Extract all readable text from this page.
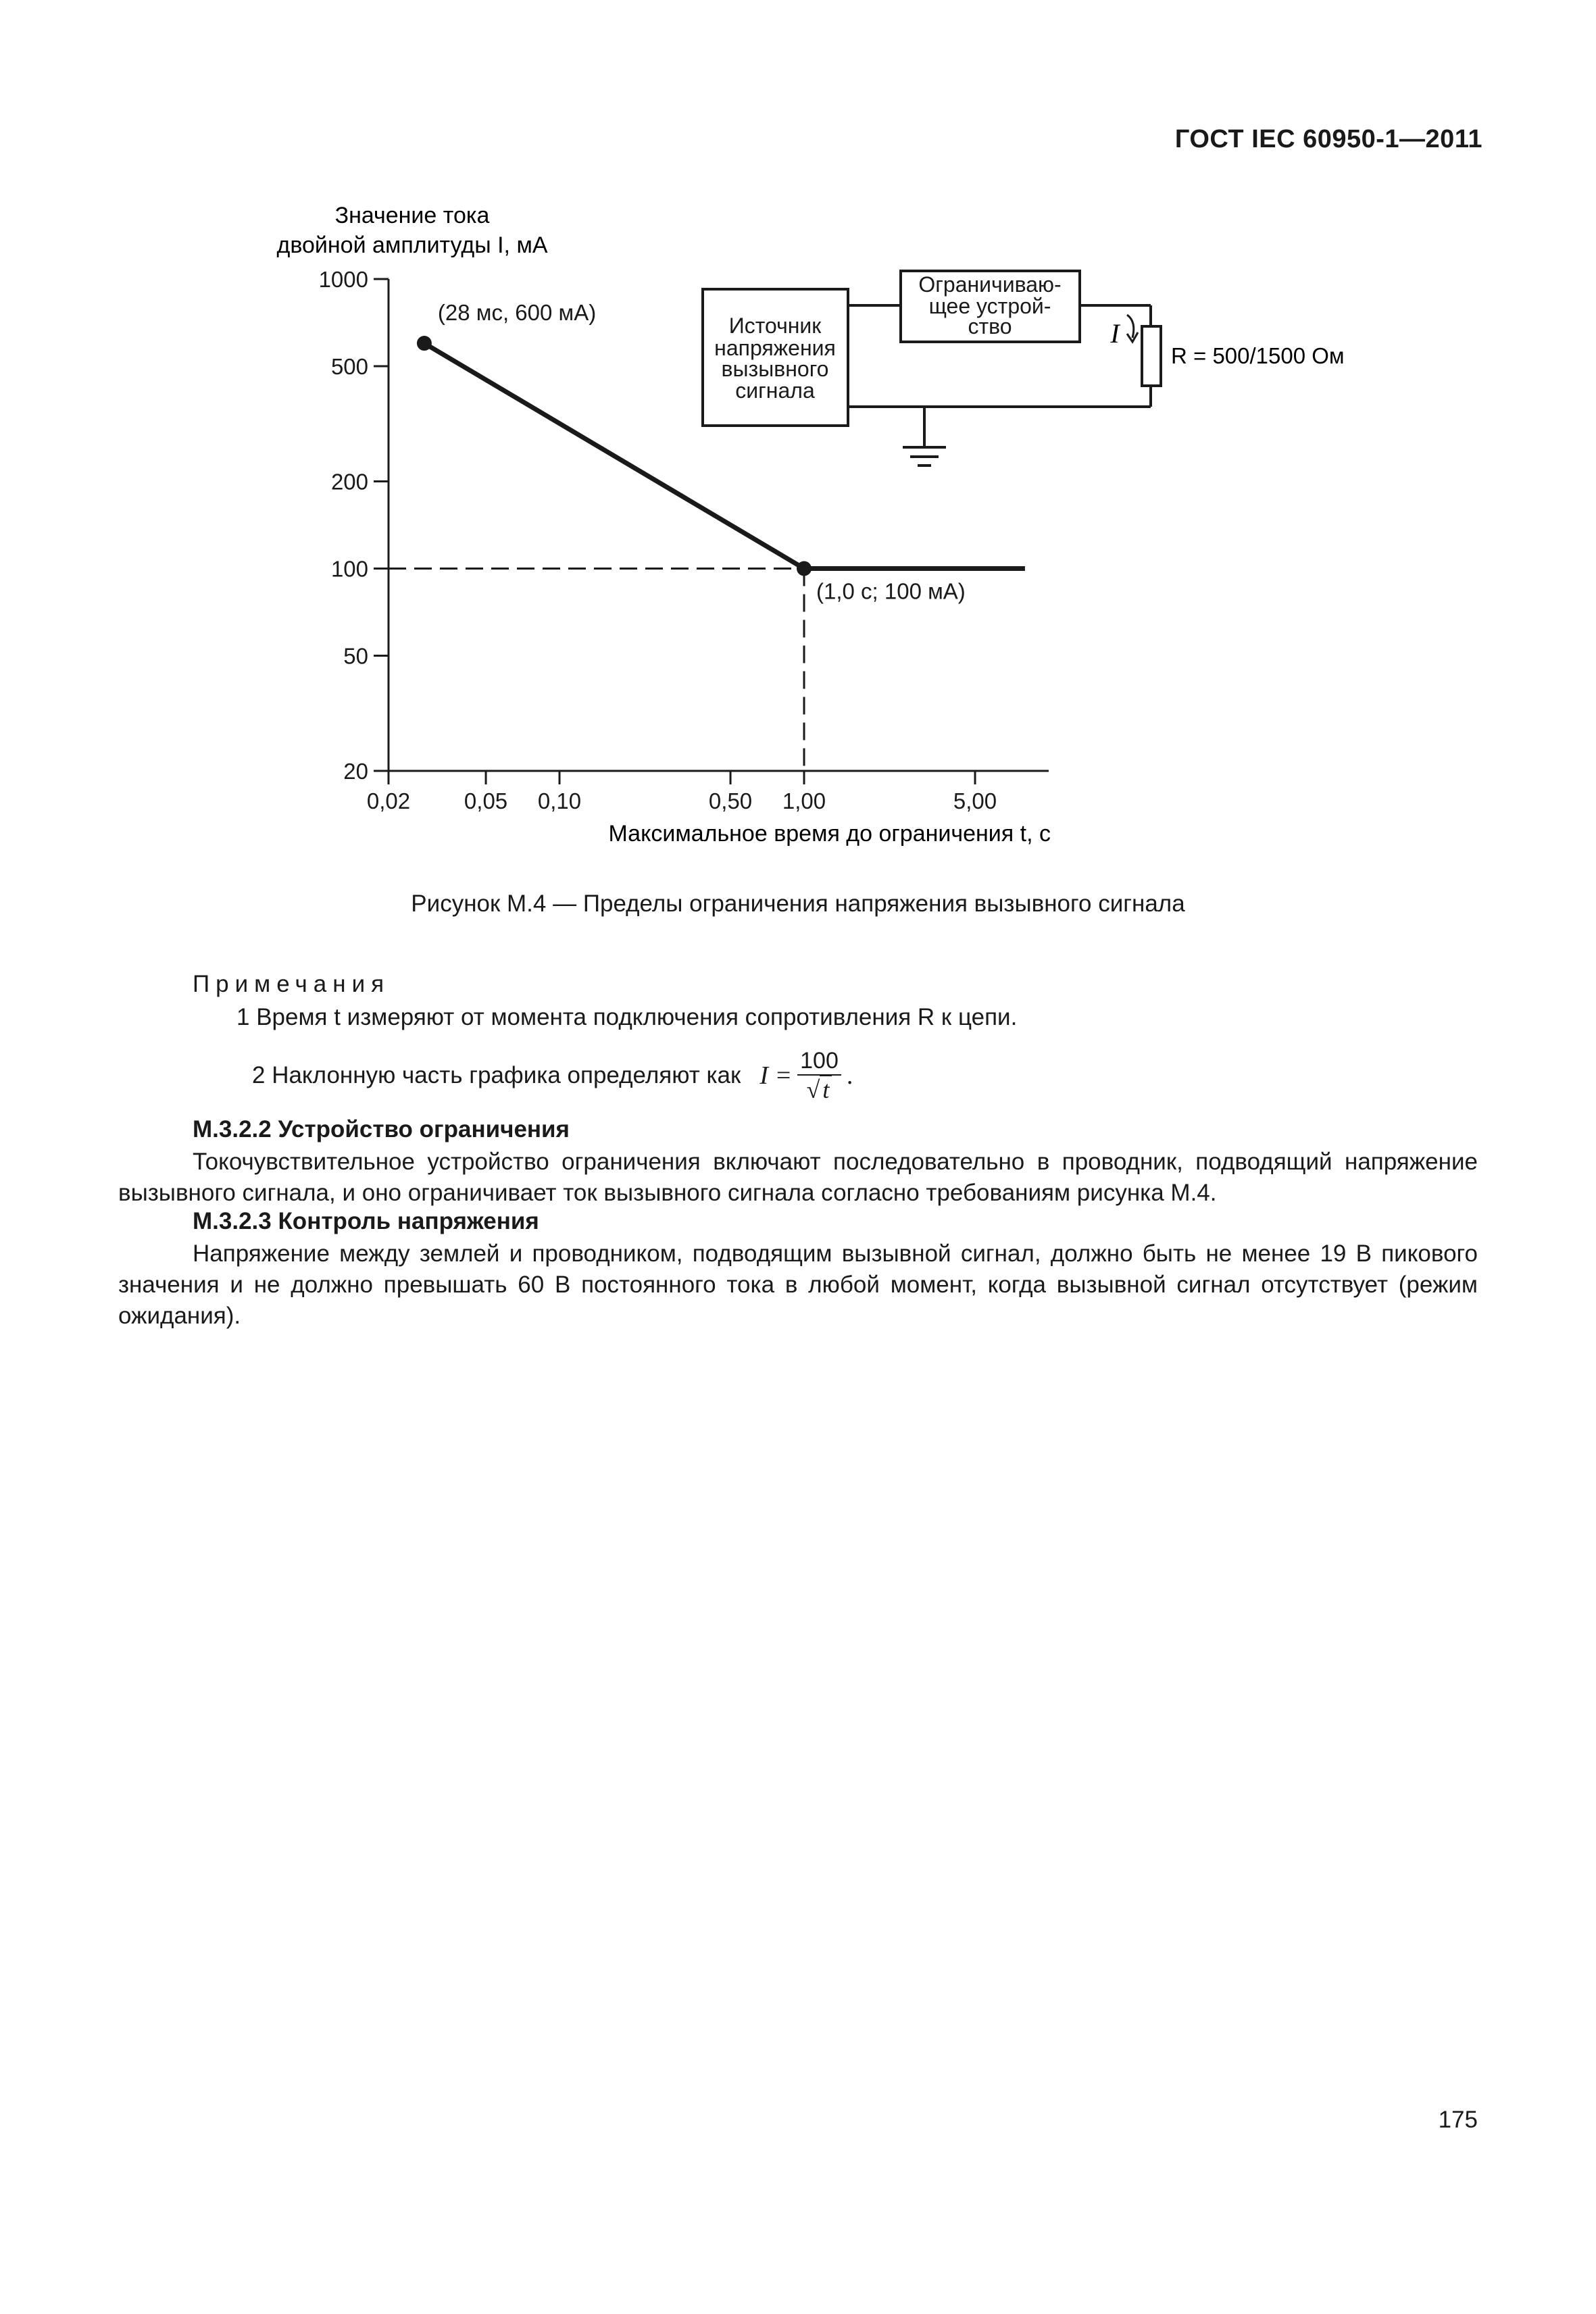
ГОСТ IEC 60950-1—2011
Значение тока
двойной амплитуды I, мА
Максимальное время до ограничения t, с
20
50
100
200
500
1000
0,02 0,05 0,10	0,50 1,00	5,00
(28 мс, 600 мА)
(1,0 с; 100 мА)
Источник
напряжения
вызывного
сигнала
Ограничиваю-
щее устрой-
ство	I
R = 500/1500 Ом
Рисунок М.4 — Пределы ограничения напряжения вызывного сигнала
Примечания
1 Время t измеряют от момента подключения сопротивления R к цепи.
2 Наклонную часть графика определяют как $I = \frac{100}{√ t}$ .
М.3.2.2 Устройство ограничения

Токочувствительное устройство ограничения включают последовательно в проводник, подводящий напряжение вызывного сигнала, и оно ограничивает ток вызывного сигнала согласно требованиям рисунка М.4.

М.3.2.3 Контроль напряжения

Напряжение между землей и проводником, подводящим вызывной сигнал, должно быть не менее 19 В пикового значения и не должно превышать 60 В постоянного тока в любой момент, когда вызывной сигнал отсутствует (режим ожидания).

175
